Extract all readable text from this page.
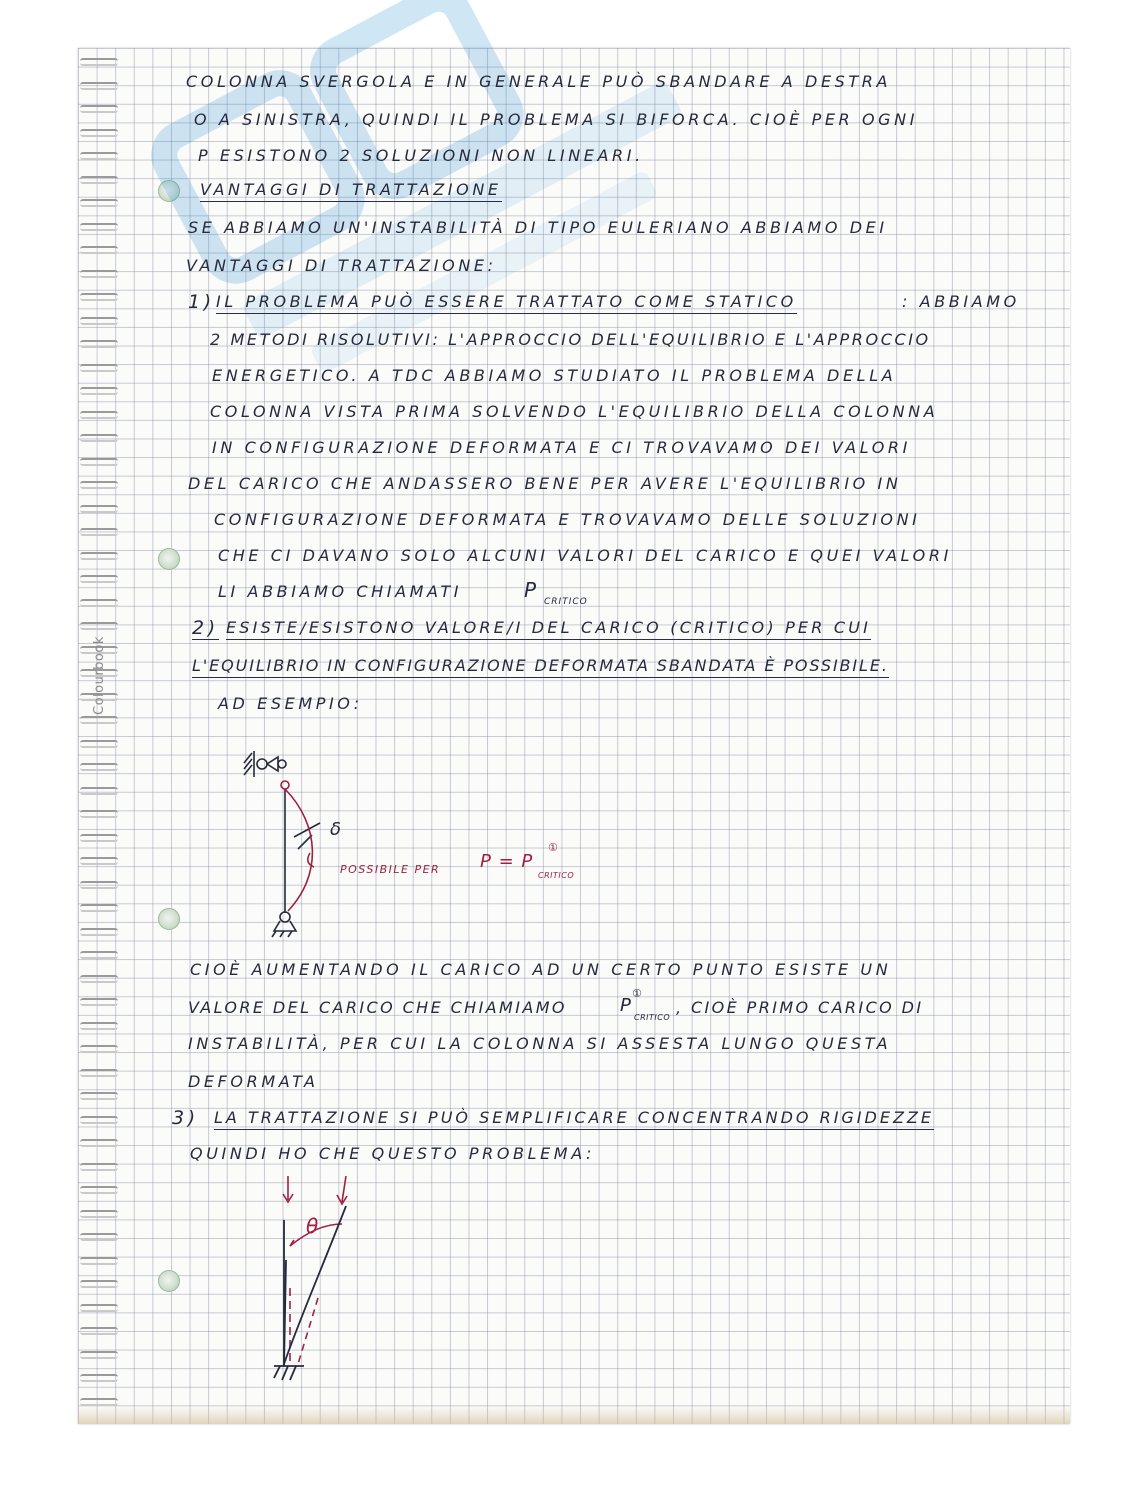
Colourbook

COLONNA SVERGOLA E IN GENERALE PUÒ SBANDARE A DESTRA

O A SINISTRA, QUINDI IL PROBLEMA SI BIFORCA. CIOÈ PER OGNI

P ESISTONO 2 SOLUZIONI NON LINEARI.

VANTAGGI DI TRATTAZIONE

SE ABBIAMO UN'INSTABILITÀ DI TIPO EULERIANO ABBIAMO DEI

VANTAGGI DI TRATTAZIONE:

1) IL PROBLEMA PUÒ ESSERE TRATTATO COME STATICO	: ABBIAMO

2 METODI RISOLUTIVI: L'APPROCCIO DELL'EQUILIBRIO E L'APPROCCIO

ENERGETICO. A TDC ABBIAMO STUDIATO IL PROBLEMA DELLA

COLONNA VISTA PRIMA SOLVENDO L'EQUILIBRIO DELLA COLONNA

IN CONFIGURAZIONE DEFORMATA E CI TROVAVAMO DEI VALORI

DEL CARICO CHE ANDASSERO BENE PER AVERE L'EQUILIBRIO IN

CONFIGURAZIONE DEFORMATA E TROVAVAMO DELLE SOLUZIONI

CHE CI DAVANO SOLO ALCUNI VALORI DEL CARICO E QUEI VALORI

LI ABBIAMO CHIAMATI	P CRITICO

2) ESISTE/ESISTONO VALORE/I DEL CARICO (CRITICO) PER CUI

L'EQUILIBRIO IN CONFIGURAZIONE DEFORMATA SBANDATA È POSSIBILE.

AD ESEMPIO:

δ

POSSIBILE PER P = P

CRITICO

①

CIOÈ AUMENTANDO IL CARICO AD UN CERTO PUNTO ESISTE UN

VALORE DEL CARICO CHE CHIAMIAMO	P

CRITICO

①

, CIOÈ PRIMO CARICO DI

INSTABILITÀ, PER CUI LA COLONNA SI ASSESTA LUNGO QUESTA

DEFORMATA

3) LA TRATTAZIONE SI PUÒ SEMPLIFICARE CONCENTRANDO RIGIDEZZE

QUINDI HO CHE QUESTO PROBLEMA:

θ
